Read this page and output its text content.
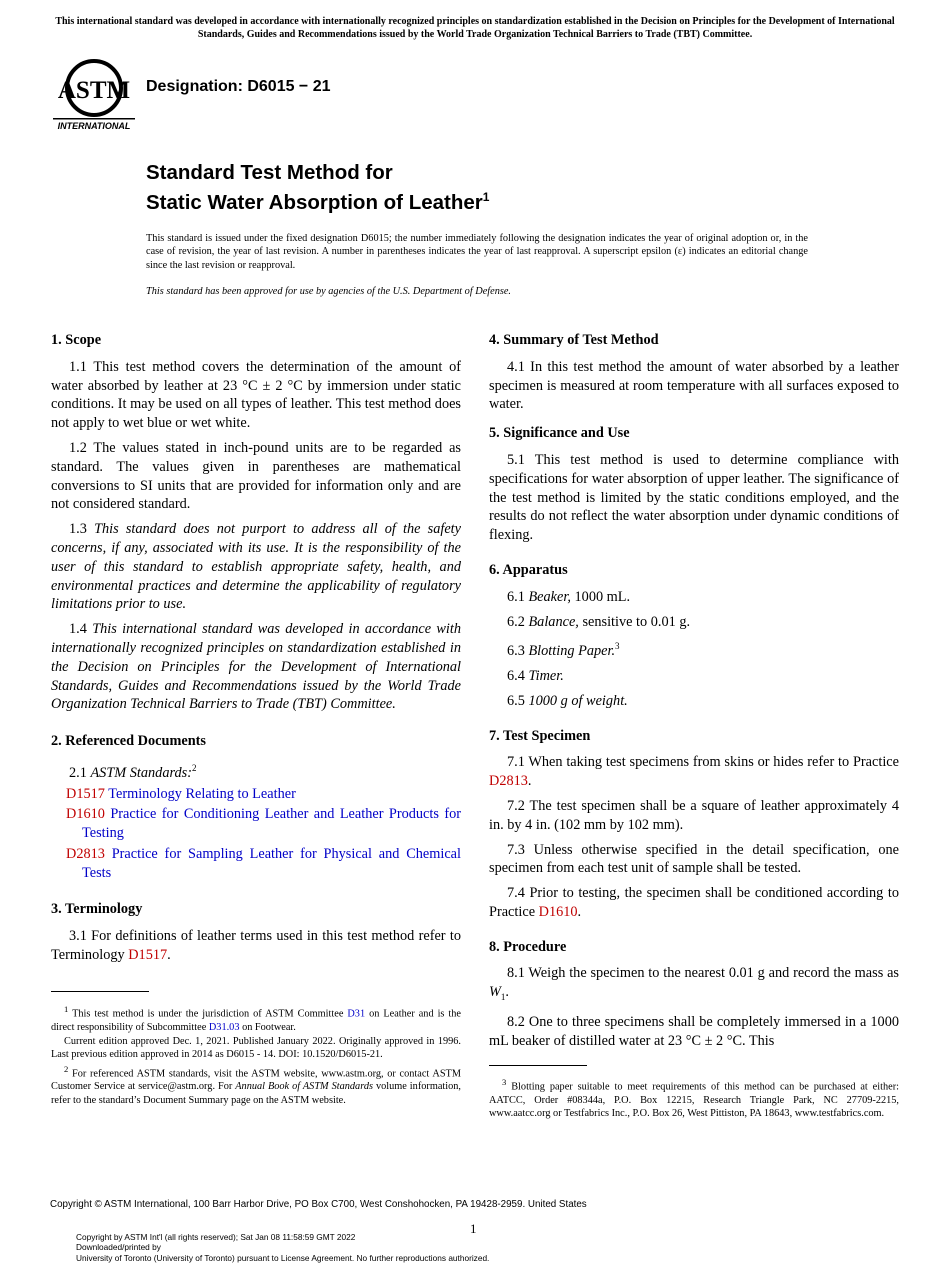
This international standard was developed in accordance with internationally recognized principles on standardization established in the Decision on Principles for the Development of International Standards, Guides and Recommendations issued by the World Trade Organization Technical Barriers to Trade (TBT) Committee.
ASTM
INTERNATIONAL
Designation: D6015 − 21
Standard Test Method for
Static Water Absorption of Leather$^1$
This standard is issued under the fixed designation D6015; the number immediately following the designation indicates the year of original adoption or, in the case of revision, the year of last revision. A number in parentheses indicates the year of last reapproval. A superscript epsilon (ε) indicates an editorial change since the last revision or reapproval.
This standard has been approved for use by agencies of the U.S. Department of Defense.
1. Scope

1.1 This test method covers the determination of the amount of water absorbed by leather at 23 °C ± 2 °C by immersion under static conditions. It may be used on all types of leather. This test method does not apply to wet blue or wet white.

1.2 The values stated in inch-pound units are to be regarded as standard. The values given in parentheses are mathematical conversions to SI units that are provided for information only and are not considered standard.

1.3 This standard does not purport to address all of the safety concerns, if any, associated with its use. It is the responsibility of the user of this standard to establish appropriate safety, health, and environmental practices and determine the applicability of regulatory limitations prior to use.

1.4 This international standard was developed in accordance with internationally recognized principles on standardization established in the Decision on Principles for the Development of International Standards, Guides and Recommendations issued by the World Trade Organization Technical Barriers to Trade (TBT) Committee.

2. Referenced Documents

2.1 ASTM Standards:$^2$

D1517 Terminology Relating to Leather
D1610 Practice for Conditioning Leather and Leather Products for Testing
D2813 Practice for Sampling Leather for Physical and Chemical Tests
3. Terminology

3.1 For definitions of leather terms used in this test method refer to Terminology D1517.

$^1$ This test method is under the jurisdiction of ASTM Committee D31 on Leather and is the direct responsibility of Subcommittee D31.03 on Footwear.

Current edition approved Dec. 1, 2021. Published January 2022. Originally approved in 1996. Last previous edition approved in 2014 as D6015 - 14. DOI: 10.1520/D6015-21.

$^2$ For referenced ASTM standards, visit the ASTM website, www.astm.org, or contact ASTM Customer Service at service@astm.org. For Annual Book of ASTM Standards volume information, refer to the standard’s Document Summary page on the ASTM website.

4. Summary of Test Method

4.1 In this test method the amount of water absorbed by a leather specimen is measured at room temperature with all surfaces exposed to water.

5. Significance and Use

5.1 This test method is used to determine compliance with specifications for water absorption of upper leather. The significance of the test method is limited by the static conditions employed, and the results do not reflect the water absorption under dynamic conditions of flexing.

6. Apparatus
6.1 Beaker, 1000 mL.
6.2 Balance, sensitive to 0.01 g.
6.3 Blotting Paper.$^3$
6.4 Timer.
6.5 1000 g of weight.
7. Test Specimen

7.1 When taking test specimens from skins or hides refer to Practice D2813.

7.2 The test specimen shall be a square of leather approximately 4 in. by 4 in. (102 mm by 102 mm).

7.3 Unless otherwise specified in the detail specification, one specimen from each test unit of sample shall be tested.

7.4 Prior to testing, the specimen shall be conditioned according to Practice D1610.

8. Procedure

8.1 Weigh the specimen to the nearest 0.01 g and record the mass as $W_1$.

8.2 One to three specimens shall be completely immersed in a 1000 mL beaker of distilled water at 23 °C ± 2 °C. This

$^3$ Blotting paper suitable to meet requirements of this method can be purchased at either: AATCC, Order #08344a, P.O. Box 12215, Research Triangle Park, NC 27709-2215, www.aatcc.org or Testfabrics Inc., P.O. Box 26, West Pittiston, PA 18643, www.testfabrics.com.

Copyright © ASTM International, 100 Barr Harbor Drive, PO Box C700, West Conshohocken, PA 19428-2959. United States
1
Copyright by ASTM Int'l (all rights reserved); Sat Jan 08 11:58:59 GMT 2022
Downloaded/printed by
University of Toronto (University of Toronto) pursuant to License Agreement. No further reproductions authorized.
